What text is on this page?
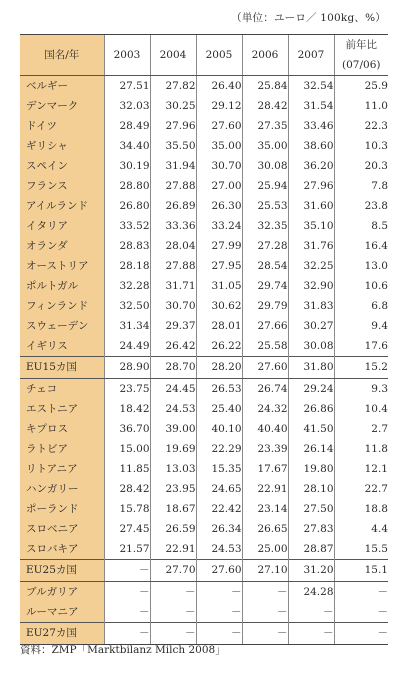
（単位：ユーロ／ 100kg、%）
国名/年	2003	2004	2005	2006	2007	前年比
(07/06)
ベルギー	27.51	27.82	26.40	25.84	32.54	25.9
デンマーク	32.03	30.25	29.12	28.42	31.54	11.0
ドイツ	28.49	27.96	27.60	27.35	33.46	22.3
ギリシャ	34.40	35.50	35.00	35.00	38.60	10.3
スペイン	30.19	31.94	30.70	30.08	36.20	20.3
フランス	28.80	27.88	27.00	25.94	27.96	7.8
アイルランド	26.80	26.89	26.30	25.53	31.60	23.8
イタリア	33.52	33.36	33.24	32.35	35.10	8.5
オランダ	28.83	28.04	27.99	27.28	31.76	16.4
オーストリア	28.18	27.88	27.95	28.54	32.25	13.0
ポルトガル	32.28	31.71	31.05	29.74	32.90	10.6
フィンランド	32.50	30.70	30.62	29.79	31.83	6.8
スウェーデン	31.34	29.37	28.01	27.66	30.27	9.4
イギリス	24.49	26.42	26.22	25.58	30.08	17.6
EU15カ国	28.90	28.70	28.20	27.60	31.80	15.2
チェコ	23.75	24.45	26.53	26.74	29.24	9.3
エストニア	18.42	24.53	25.40	24.32	26.86	10.4
キプロス	36.70	39.00	40.10	40.40	41.50	2.7
ラトビア	15.00	19.69	22.29	23.39	26.14	11.8
リトアニア	11.85	13.03	15.35	17.67	19.80	12.1
ハンガリー	28.42	23.95	24.65	22.91	28.10	22.7
ポーランド	15.78	18.67	22.42	23.14	27.50	18.8
スロベニア	27.45	26.59	26.34	26.65	27.83	4.4
スロバキア	21.57	22.91	24.53	25.00	28.87	15.5
EU25カ国	－	27.70	27.60	27.10	31.20	15.1
ブルガリア	－	－	－	－	24.28	－
ルーマニア	－	－	－	－	－	－
EU27カ国	－	－	－	－	－	－
資料：ZMP「Marktbilanz Milch 2008」
